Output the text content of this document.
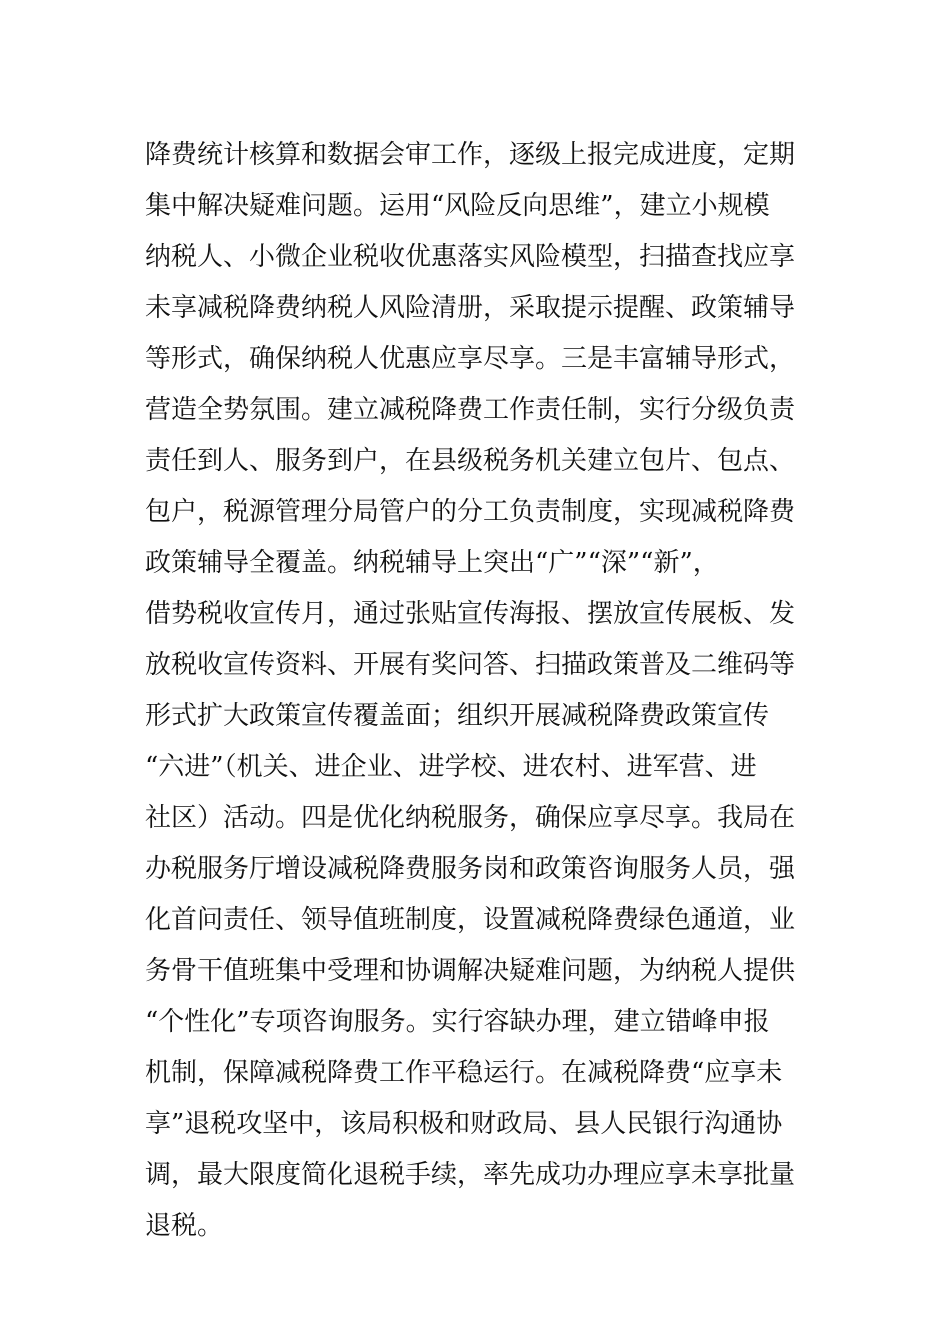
降费统计核算和数据会审工作，逐级上报完成进度，定期
集中解决疑难问题。运用“风险反向思维”，建立小规模
纳税人、小微企业税收优惠落实风险模型，扫描查找应享
未享减税降费纳税人风险清册，采取提示提醒、政策辅导
等形式，确保纳税人优惠应享尽享。三是丰富辅导形式，
营造全势氛围。建立减税降费工作责任制，实行分级负责
责任到人、服务到户，在县级税务机关建立包片、包点、
包户，税源管理分局管户的分工负责制度，实现减税降费
政策辅导全覆盖。纳税辅导上突出“广”“深”“新”，
借势税收宣传月，通过张贴宣传海报、摆放宣传展板、发
放税收宣传资料、开展有奖问答、扫描政策普及二维码等
形式扩大政策宣传覆盖面；组织开展减税降费政策宣传
“六进”（机关、进企业、进学校、进农村、进军营、进
社区）活动。四是优化纳税服务，确保应享尽享。我局在
办税服务厅增设减税降费服务岗和政策咨询服务人员，强
化首问责任、领导值班制度，设置减税降费绿色通道，业
务骨干值班集中受理和协调解决疑难问题，为纳税人提供
“个性化”专项咨询服务。实行容缺办理，建立错峰申报
机制，保障减税降费工作平稳运行。在减税降费“应享未
享”退税攻坚中，该局积极和财政局、县人民银行沟通协
调，最大限度简化退税手续，率先成功办理应享未享批量
退税。
